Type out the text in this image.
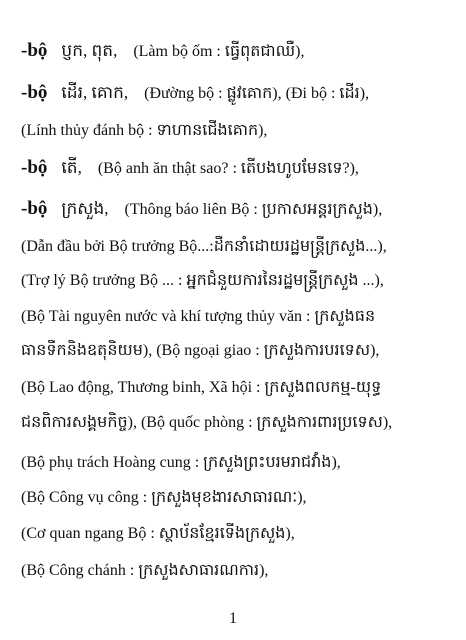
-bộ ប្ញក, ពុត, (Làm bộ ốm : ធ្វើពុតជាឈឺ),
-bộ ដើរ, គោក, (Đường bộ : ផ្លូវគោក), (Đi bộ : ដើរ),
(Lính thủy đánh bộ : ទាហានជើងគោក),
-bộ តើ, (Bộ anh ăn thật sao? : តើបងហូបមែនទេ?),
-bộ ក្រសួង, (Thông báo liên Bộ : ប្រកាសអន្តរក្រសួង),
(Dẫn đầu bởi Bộ trưởng Bộ...:ដឹកនាំដោយរដ្ឋមន្ត្រីក្រសួង...),
(Trợ lý Bộ trưởng Bộ ... : អ្នកជំនួយការនៃរដ្ឋមន្ត្រីក្រសួង ...),
(Bộ Tài nguyên nước và khí tượng thủy văn : ក្រសួងធន
ធានទឹកនិងឧតុនិយម), (Bộ ngoại giao : ក្រសួងការបរទេស),
(Bộ Lao động, Thương binh, Xã hội : ក្រសួងពលកម្ម-យុទ្ធ
ជនពិការសង្គមកិច្ច), (Bộ quốc phòng : ក្រសួងការពារប្រទេស),
(Bộ phụ trách Hoàng cung : ក្រសួងព្រះបរមរាជវាំង),
(Bộ Công vụ công : ក្រសួងមុខងារសាធារណៈ),
(Cơ quan ngang Bộ : ស្ថាប័នខ្មែរទើងក្រសួង),
(Bộ Công chánh : ក្រសួងសាធារណការ),
1
